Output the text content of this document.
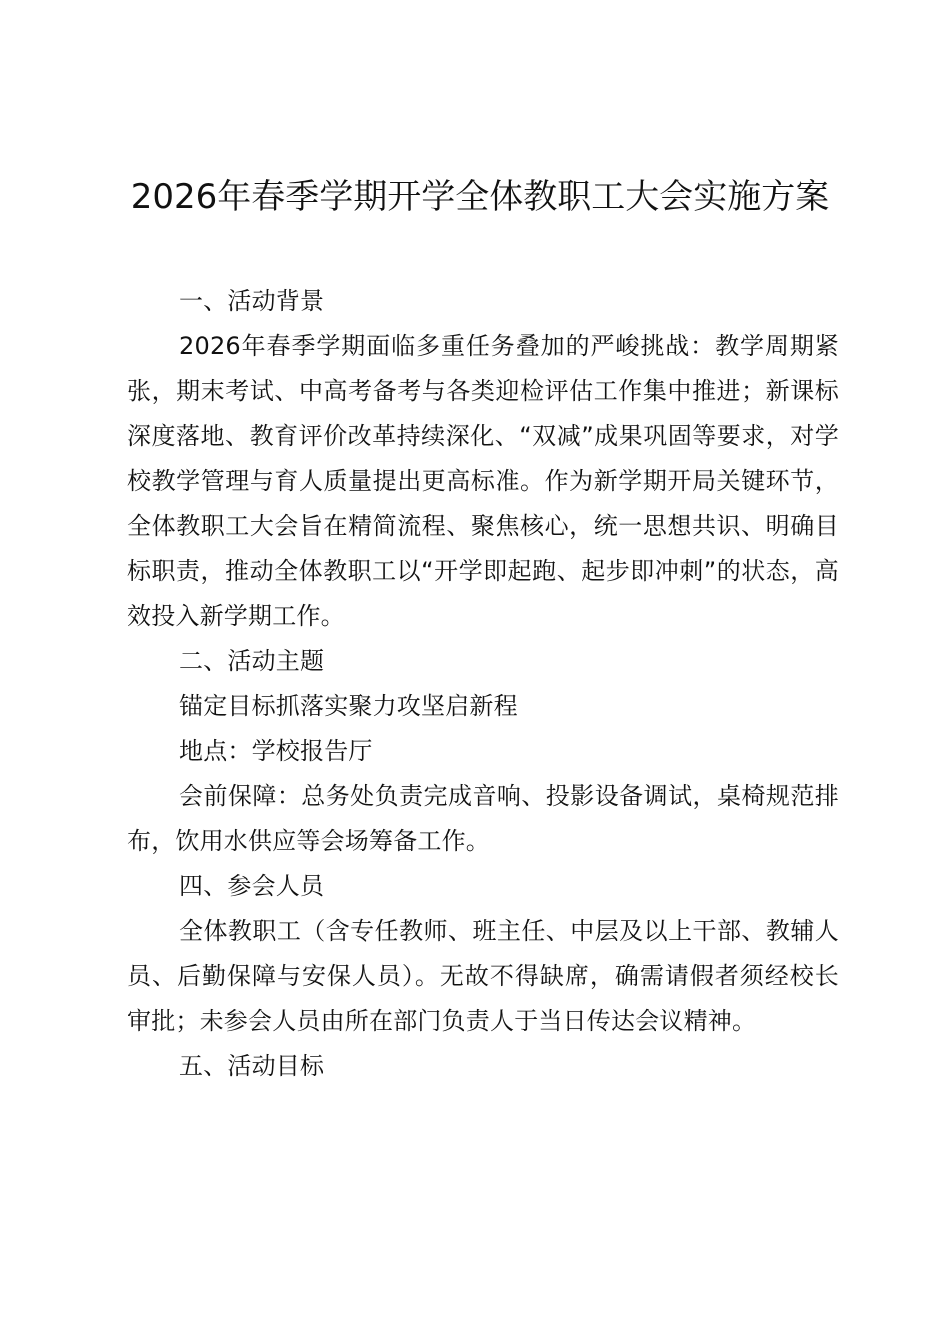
2026年春季学期开学全体教职工大会实施方案

一、活动背景

2026年春季学期面临多重任务叠加的严峻挑战：教学周期紧张，期末考试、中高考备考与各类迎检评估工作集中推进；新课标深度落地、教育评价改革持续深化、“双减”成果巩固等要求，对学校教学管理与育人质量提出更高标准。作为新学期开局关键环节，全体教职工大会旨在精简流程、聚焦核心，统一思想共识、明确目标职责，推动全体教职工以“开学即起跑、起步即冲刺”的状态，高效投入新学期工作。

二、活动主题

锚定目标抓落实聚力攻坚启新程

地点：学校报告厅

会前保障：总务处负责完成音响、投影设备调试，桌椅规范排布，饮用水供应等会场筹备工作。

四、参会人员

全体教职工（含专任教师、班主任、中层及以上干部、教辅人员、后勤保障与安保人员）。无故不得缺席，确需请假者须经校长审批；未参会人员由所在部门负责人于当日传达会议精神。

五、活动目标
